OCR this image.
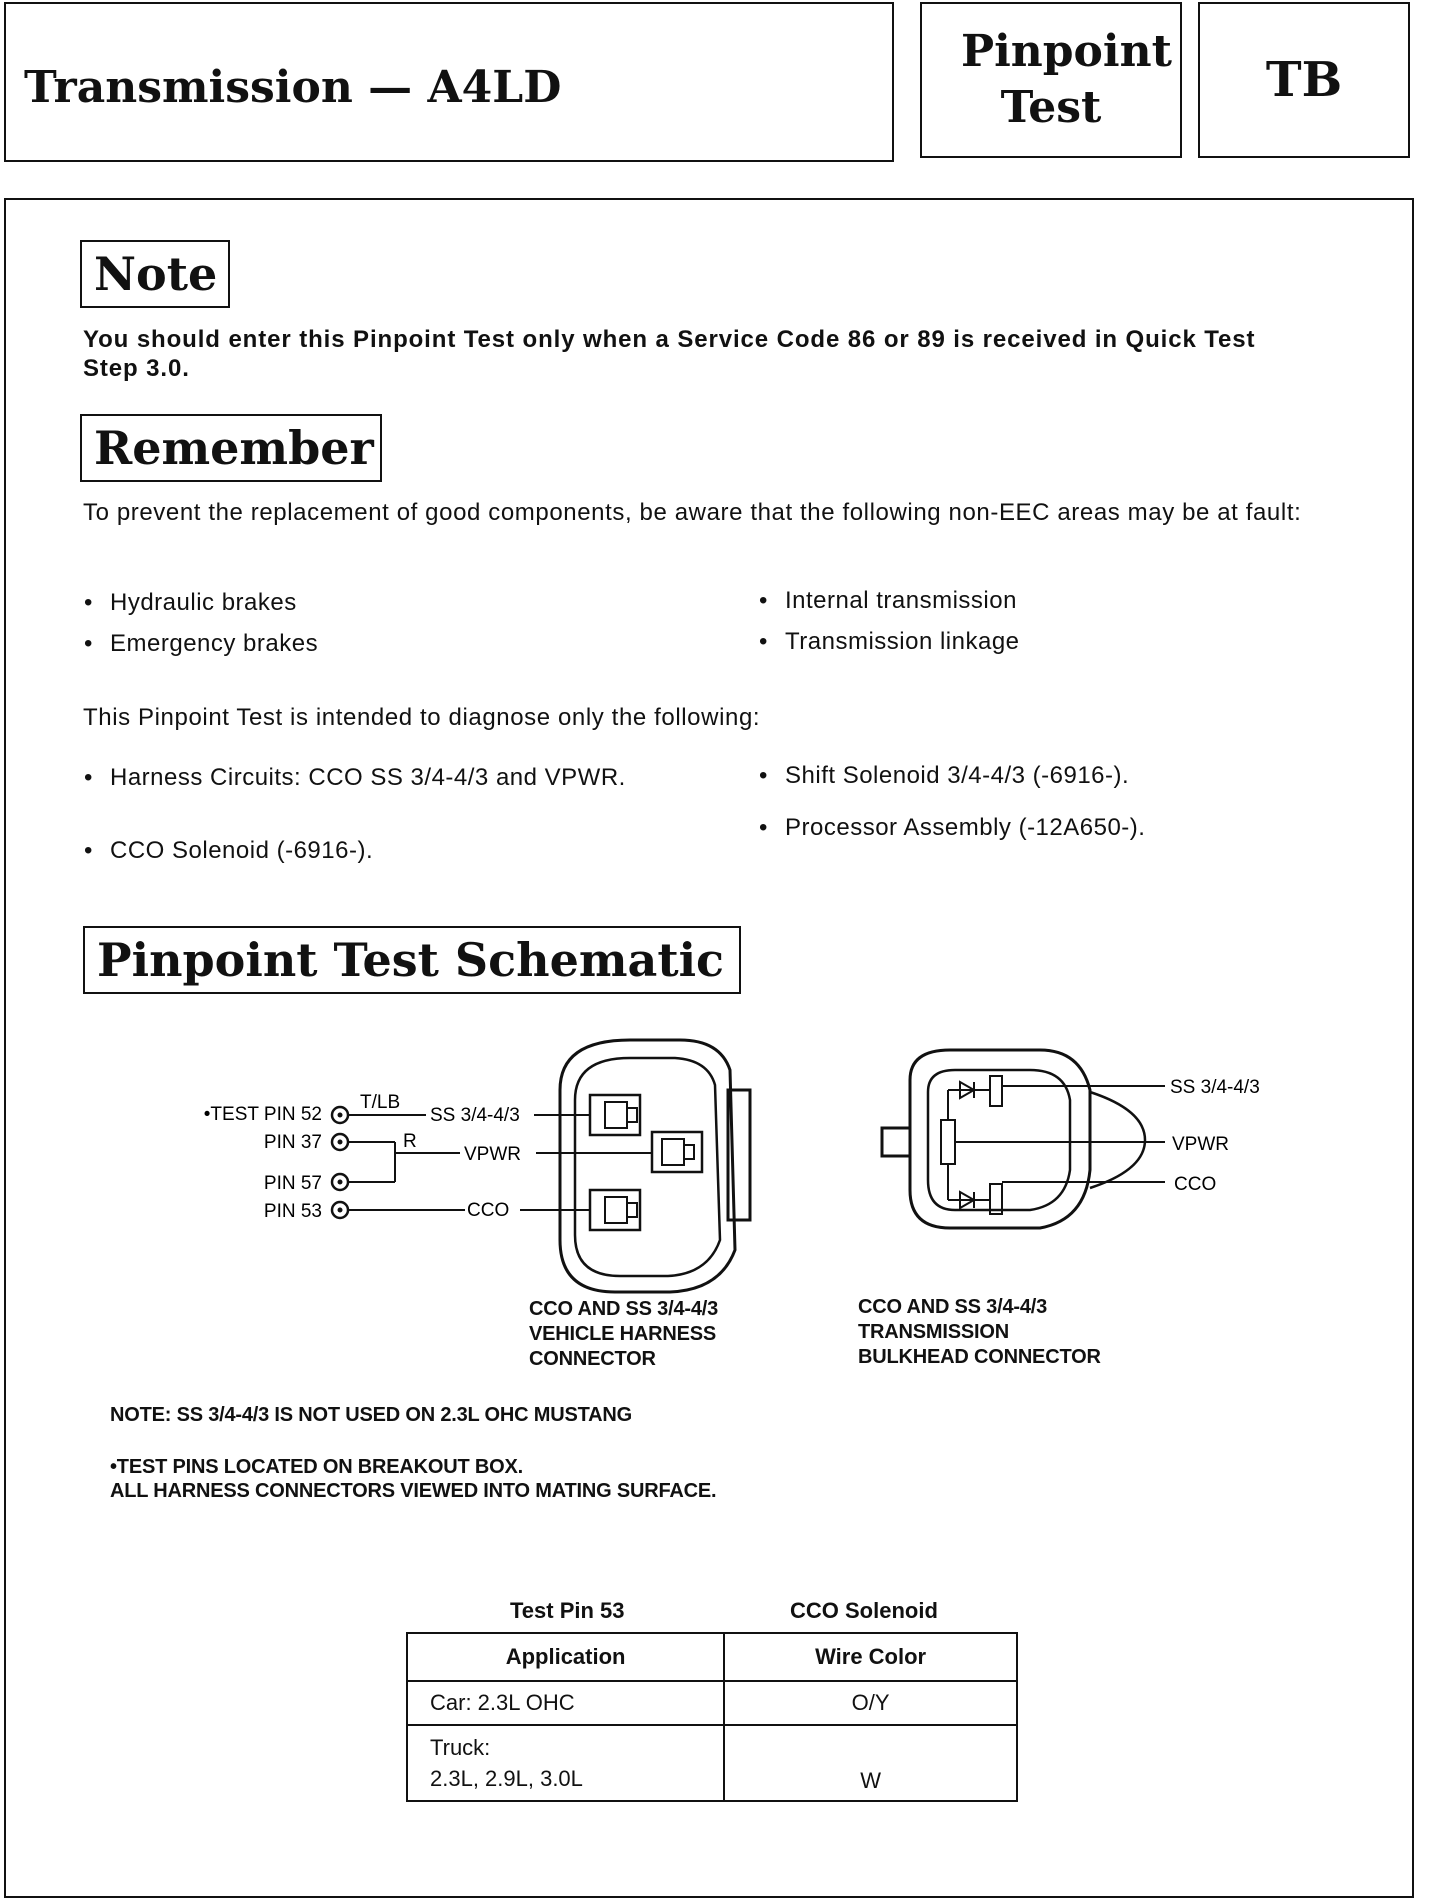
Transmission — A4LD
Pinpoint Test	TB
Note
You should enter this Pinpoint Test only when a Service Code 86 or 89 is received in Quick Test Step 3.0.
Remember
To prevent the replacement of good components, be aware that the following non-EEC areas may be at fault:
• Hydraulic brakes
• Emergency brakes
• Internal transmission
• Transmission linkage
This Pinpoint Test is intended to diagnose only the following:
• Harness Circuits: CCO SS 3/4-4/3 and VPWR.
• CCO Solenoid (-6916-).
• Shift Solenoid 3/4-4/3 (-6916-).
• Processor Assembly (-12A650-).
Pinpoint Test Schematic
•TEST PIN 52
PIN 37
PIN 57
PIN 53
T/LB
R
SS 3/4-4/3
VPWR
CCO
SS 3/4-4/3
VPWR
CCO
CCO AND SS 3/4-4/3
VEHICLE HARNESS
CONNECTOR
CCO AND SS 3/4-4/3
TRANSMISSION
BULKHEAD CONNECTOR
NOTE: SS 3/4-4/3 IS NOT USED ON 2.3L OHC MUSTANG
•TEST PINS LOCATED ON BREAKOUT BOX.
ALL HARNESS CONNECTORS VIEWED INTO MATING SURFACE.
Test Pin 53	CCO Solenoid
Application	Wire Color
Car: 2.3L OHC	O/Y

Truck:
2.3L, 2.9L, 3.0L	W
